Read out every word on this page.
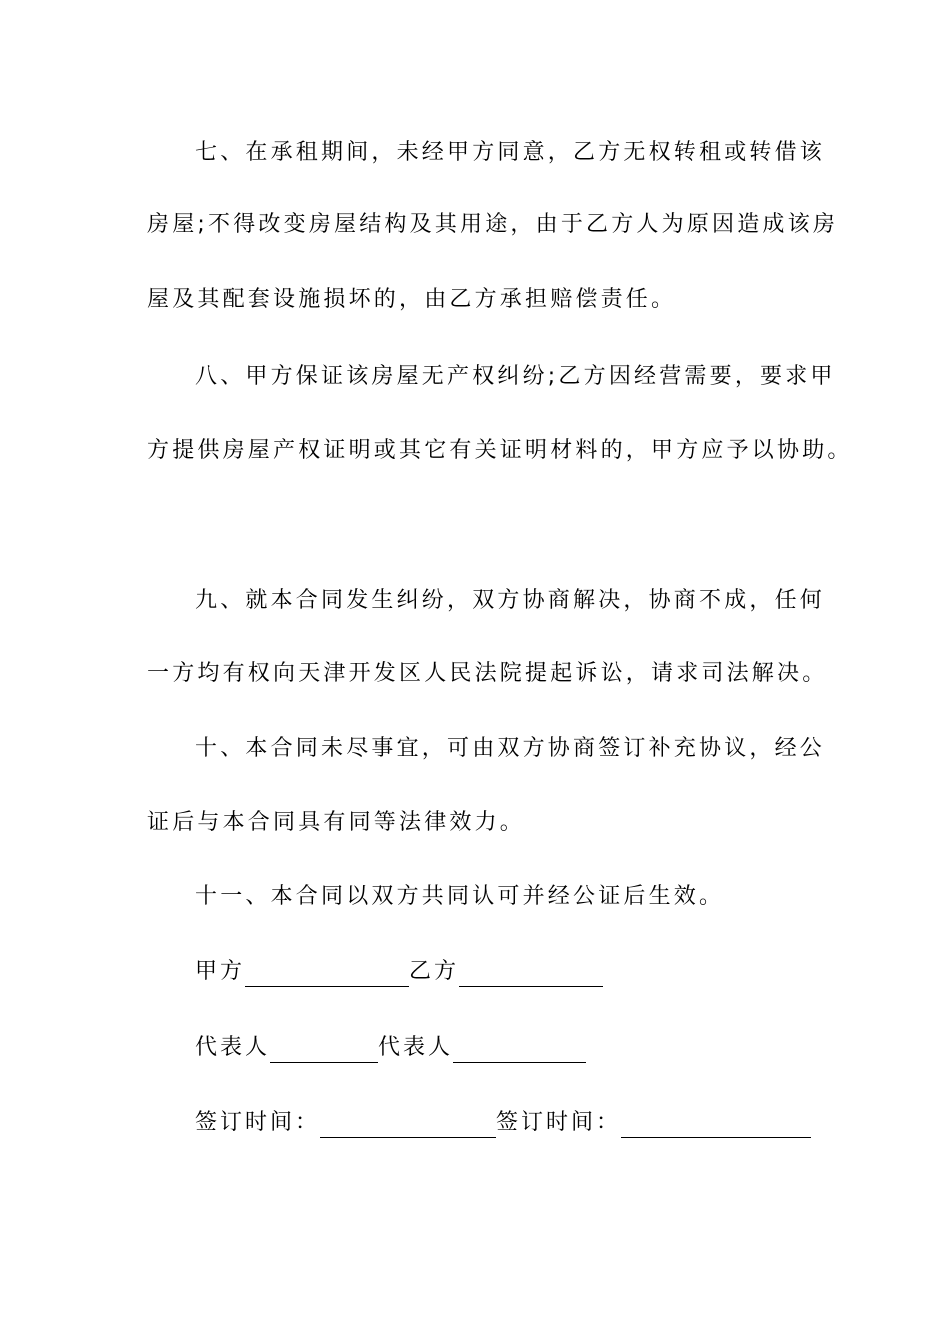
七、在承租期间，未经甲方同意，乙方无权转租或转借该
房屋;不得改变房屋结构及其用途，由于乙方人为原因造成该房
屋及其配套设施损坏的，由乙方承担赔偿责任。
八、甲方保证该房屋无产权纠纷;乙方因经营需要，要求甲
方提供房屋产权证明或其它有关证明材料的，甲方应予以协助。
九、就本合同发生纠纷，双方协商解决，协商不成，任何
一方均有权向天津开发区人民法院提起诉讼，请求司法解决。
十、本合同未尽事宜，可由双方协商签订补充协议，经公
证后与本合同具有同等法律效力。
十一、本合同以双方共同认可并经公证后生效。
甲方	乙方
代表人	代表人
签订时间：	签订时间：
